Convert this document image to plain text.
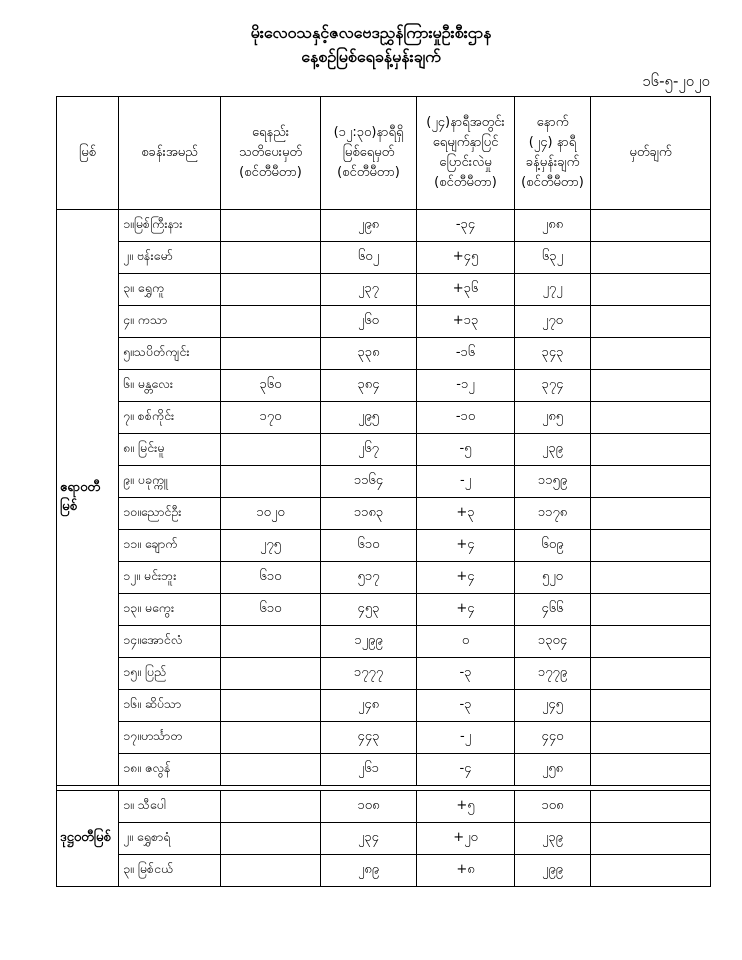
မိုးလေဝသနှင့်ဇလဗေဒညွှန်ကြားမှုဦးစီးဌာန
နေ့စဉ်မြစ်ရေခန့်မှန်းချက်
၁၆-၅-၂၀၂၀
မြစ်	စခန်းအမည်	ရေနည်း
သတိပေးမှတ်
(စင်တီမီတာ)	(၁၂:၃၀)နာရီရှိ
မြစ်ရေမှတ်
(စင်တီမီတာ)	(၂၄)နာရီအတွင်း
ရေမျက်နှာပြင်
ပြောင်းလဲမှု
(စင်တီမီတာ)	နောက်
(၂၄) နာရီ
ခန့်မှန်းချက်
(စင်တီမီတာ)	မှတ်ချက်

ဧရာဝတီမြစ်	၁။မြစ်ကြီးနား		၂၉၈	-၃၄	၂၈၈	
	၂။ ဗန်းမော်		၆၀၂	+၄၅	၆၃၂	
	၃။ ရွှေကူ		၂၃၇	+၃၆	၂၇၂	
	၄။ ကသာ		၂၆၀	+၁၃	၂၇၀	
	၅။သပိတ်ကျင်း		၃၃၈	-၁၆	၃၄၃	
	၆။ မန္တလေး	၃၆၀	၃၈၄	-၁၂	၃၇၄	
	၇။ စစ်ကိုင်း	၁၇၀	၂၉၅	-၁၀	၂၈၅	
	၈။ မြင်းမူ		၂၆၇	-၅	၂၃၉	
	၉။ ပခုက္ကူ		၁၁၆၄	-၂	၁၁၅၉	
	၁၀။ညောင်ဦး	၁၀၂၀	၁၁၈၃	+၃	၁၁၇၈	
	၁၁။ ချောက်	၂၇၅	၆၁၀	+၄	၆၀၉	
	၁၂။ မင်းဘူး	၆၁၀	၅၁၇	+၄	၅၂၀	
	၁၃။ မကွေး	၆၁၀	၄၅၃	+၄	၄၆၆	
	၁၄။အောင်လံ		၁၂၉၉	၀	၁၃၀၄	
	၁၅။ ပြည်		၁၇၇၇	-၃	၁၇၇၉	
	၁၆။ ဆိပ်သာ		၂၄၈	-၃	၂၄၅	
	၁၇။ဟင်္သာတ		၄၄၃	-၂	၄၄၀	
	၁၈။ ဇလွန်		၂၆၁	-၄	၂၅၈	

ဒုဋ္ဌဝတီမြစ်	၁။ သီပေါ		၁၀၈	+၅	၁၀၈	
	၂။ ရွှေစာရံ		၂၃၄	+၂၀	၂၃၉	
	၃။ မြစ်ငယ်		၂၈၉	+၈	၂၉၉	
